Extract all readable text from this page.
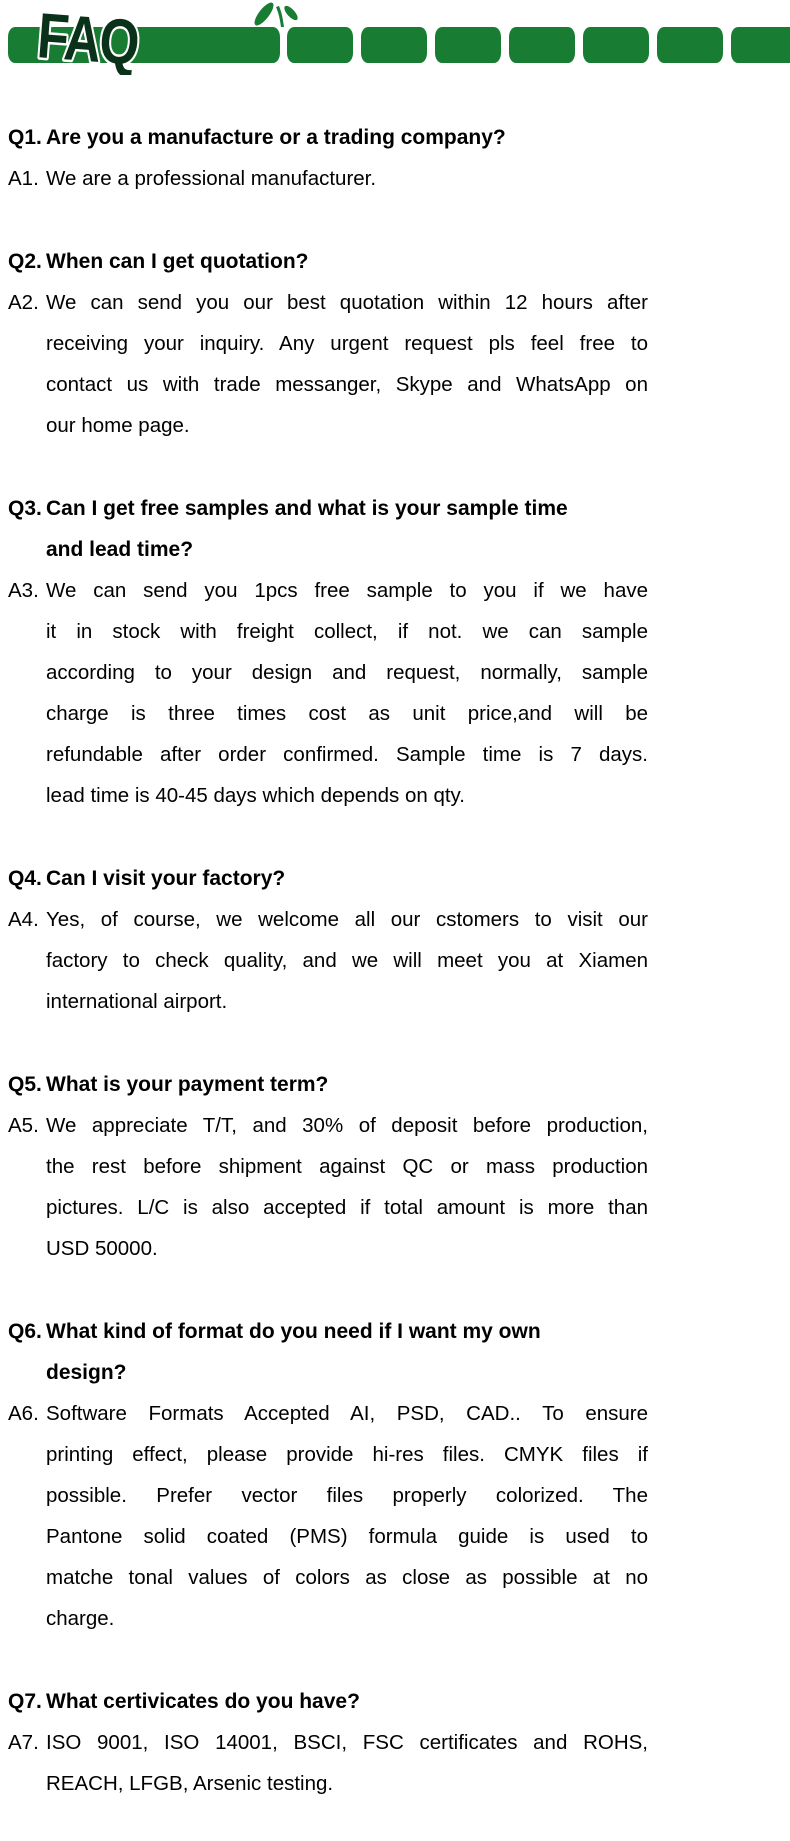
FAQ
Q1. Are you a manufacture or a trading company?
A1. We are a professional manufacturer.
Q2. When can I get quotation?
A2. We can send you our best quotation within 12 hours after
receiving your inquiry. Any urgent request pls feel free to
contact us with trade messanger, Skype and WhatsApp on
our home page.
Q3. Can I get free samples and what is your sample time
and lead time?
A3. We can send you 1pcs free sample to you if we have
it in stock with freight collect, if not. we can sample
according to your design and request, normally, sample
charge is three times cost as unit price,and will be
refundable after order confirmed. Sample time is 7 days.
lead time is 40-45 days which depends on qty.
Q4. Can I visit your factory?
A4. Yes, of course, we welcome all our cstomers to visit our
factory to check quality, and we will meet you at Xiamen
international airport.
Q5. What is your payment term?
A5. We appreciate T/T, and 30% of deposit before production,
the rest before shipment against QC or mass production
pictures. L/C is also accepted if total amount is more than
USD 50000.
Q6. What kind of format do you need if I want my own
design?
A6. Software Formats Accepted AI, PSD, CAD.. To ensure
printing effect, please provide hi-res files. CMYK files if
possible. Prefer vector files properly colorized. The
Pantone solid coated (PMS) formula guide is used to
matche tonal values of colors as close as possible at no
charge.
Q7. What certivicates do you have?
A7. ISO 9001, ISO 14001, BSCI, FSC certificates and ROHS,
REACH, LFGB, Arsenic testing.
